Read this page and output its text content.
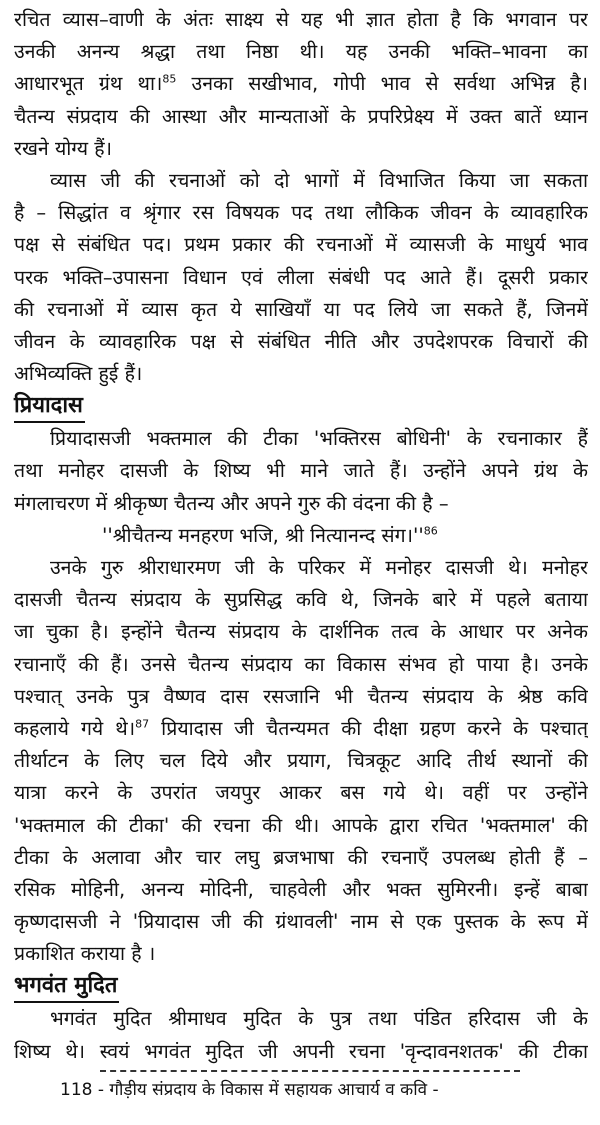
रचित व्यास–वाणी के अंतः साक्ष्य से यह भी ज्ञात होता है कि भगवान पर
उनकी अनन्य श्रद्धा तथा निष्ठा थी। यह उनकी भक्ति–भावना का
आधारभूत ग्रंथ था।$^{85}$ उनका सखीभाव, गोपी भाव से सर्वथा अभिन्न है।
चैतन्य संप्रदाय की आस्था और मान्यताओं के प्रपरिप्रेक्ष्य में उक्त बातें ध्यान
रखने योग्य हैं।
व्यास जी की रचनाओं को दो भागों में विभाजित किया जा सकता
है – सिद्धांत व श्रृंगार रस विषयक पद तथा लौकिक जीवन के व्यावहारिक
पक्ष से संबंधित पद। प्रथम प्रकार की रचनाओं में व्यासजी के माधुर्य भाव
परक भक्ति–उपासना विधान एवं लीला संबंधी पद आते हैं। दूसरी प्रकार
की रचनाओं में व्यास कृत ये साखियाँ या पद लिये जा सकते हैं, जिनमें
जीवन के व्यावहारिक पक्ष से संबंधित नीति और उपदेशपरक विचारों की
अभिव्यक्ति हुई हैं।
प्रियादास
प्रियादासजी भक्तमाल की टीका 'भक्तिरस बोधिनी' के रचनाकार हैं
तथा मनोहर दासजी के शिष्य भी माने जाते हैं। उन्होंने अपने ग्रंथ के
मंगलाचरण में श्रीकृष्ण चैतन्य और अपने गुरु की वंदना की है –
''श्रीचैतन्य मनहरण भजि, श्री नित्यानन्द $संग।''^{86}$
उनके गुरु श्रीराधारमण जी के परिकर में मनोहर दासजी थे। मनोहर
दासजी चैतन्य संप्रदाय के सुप्रसिद्ध कवि थे, जिनके बारे में पहले बताया
जा चुका है। इन्होंने चैतन्य संप्रदाय के दार्शनिक तत्व के आधार पर अनेक
रचानाएँ की हैं। उनसे चैतन्य संप्रदाय का विकास संभव हो पाया है। उनके
पश्चात् उनके पुत्र वैष्णव दास रसजानि भी चैतन्य संप्रदाय के श्रेष्ठ कवि
कहलाये गये थे।$^{87}$ प्रियादास जी चैतन्यमत की दीक्षा ग्रहण करने के पश्चात्
तीर्थाटन के लिए चल दिये और प्रयाग, चित्रकूट आदि तीर्थ स्थानों की
यात्रा करने के उपरांत जयपुर आकर बस गये थे। वहीं पर उन्होंने
'भक्तमाल की टीका' की रचना की थी। आपके द्वारा रचित 'भक्तमाल' की
टीका के अलावा और चार लघु ब्रजभाषा की रचनाएँ उपलब्ध होती हैं –
रसिक मोहिनी, अनन्य मोदिनी, चाहवेली और भक्त सुमिरनी। इन्हें बाबा
कृष्णदासजी ने 'प्रियादास जी की ग्रंथावली' नाम से एक पुस्तक के रूप में
प्रकाशित कराया है ।
भगवंत मुदित
भगवंत मुदित श्रीमाधव मुदित के पुत्र तथा पंडित हरिदास जी के
शिष्य थे। स्वयं भगवंत मुदित जी अपनी रचना 'वृन्दावनशतक' की टीका
118 - गौड़ीय संप्रदाय के विकास में सहायक आचार्य व कवि -
